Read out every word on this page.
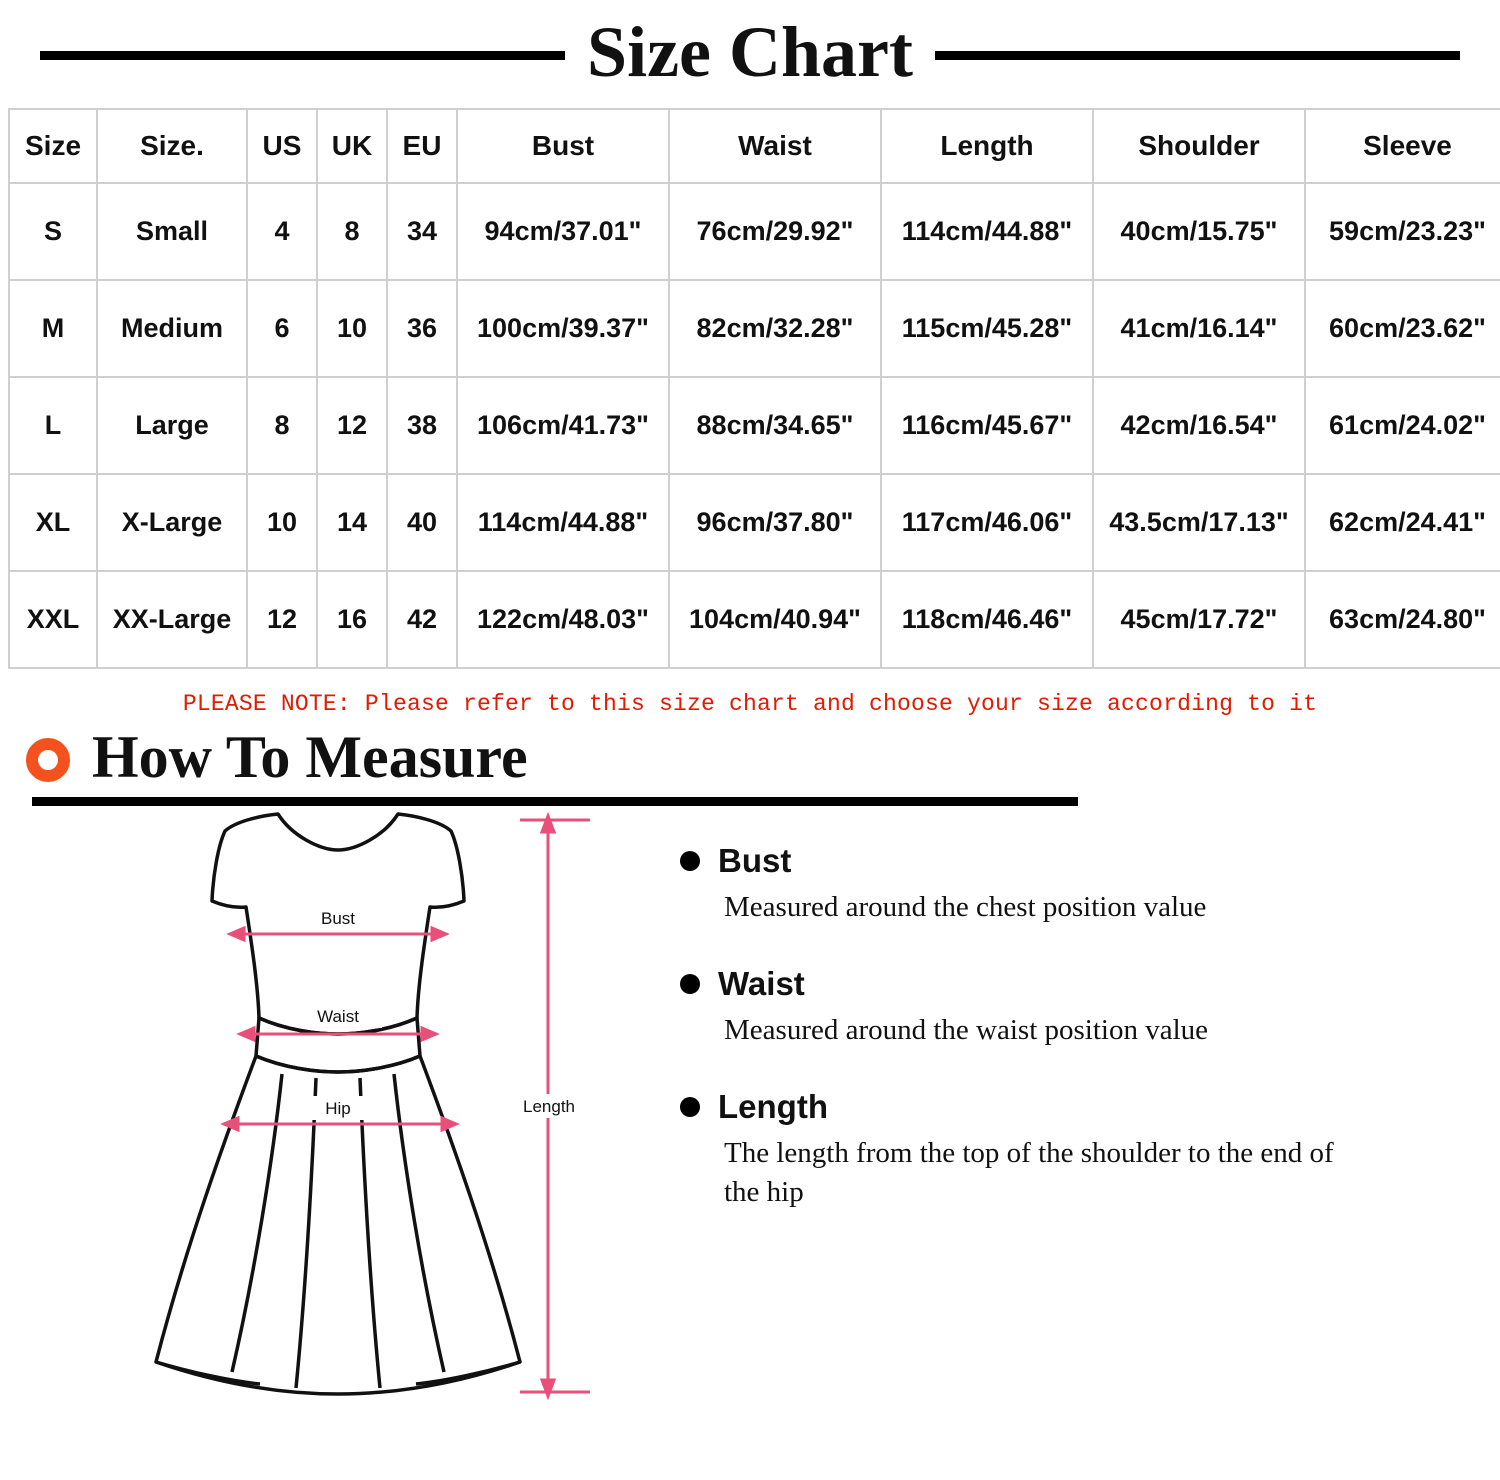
Size Chart
Size	Size.	US	UK	EU	Bust	Waist	Length	Shoulder	Sleeve
S	Small	4	8	34	94cm/37.01"	76cm/29.92"	114cm/44.88"	40cm/15.75"	59cm/23.23"
M	Medium	6	10	36	100cm/39.37"	82cm/32.28"	115cm/45.28"	41cm/16.14"	60cm/23.62"
L	Large	8	12	38	106cm/41.73"	88cm/34.65"	116cm/45.67"	42cm/16.54"	61cm/24.02"
XL	X-Large	10	14	40	114cm/44.88"	96cm/37.80"	117cm/46.06"	43.5cm/17.13"	62cm/24.41"
XXL	XX-Large	12	16	42	122cm/48.03"	104cm/40.94"	118cm/46.46"	45cm/17.72"	63cm/24.80"
PLEASE NOTE: Please refer to this size chart and choose your size according to it
How To Measure
Bust
Waist
Hip	Length
Bust
Measured around the chest position value
Waist
Measured around the waist position value
Length
The length from the top of the shoulder to the end of the hip
